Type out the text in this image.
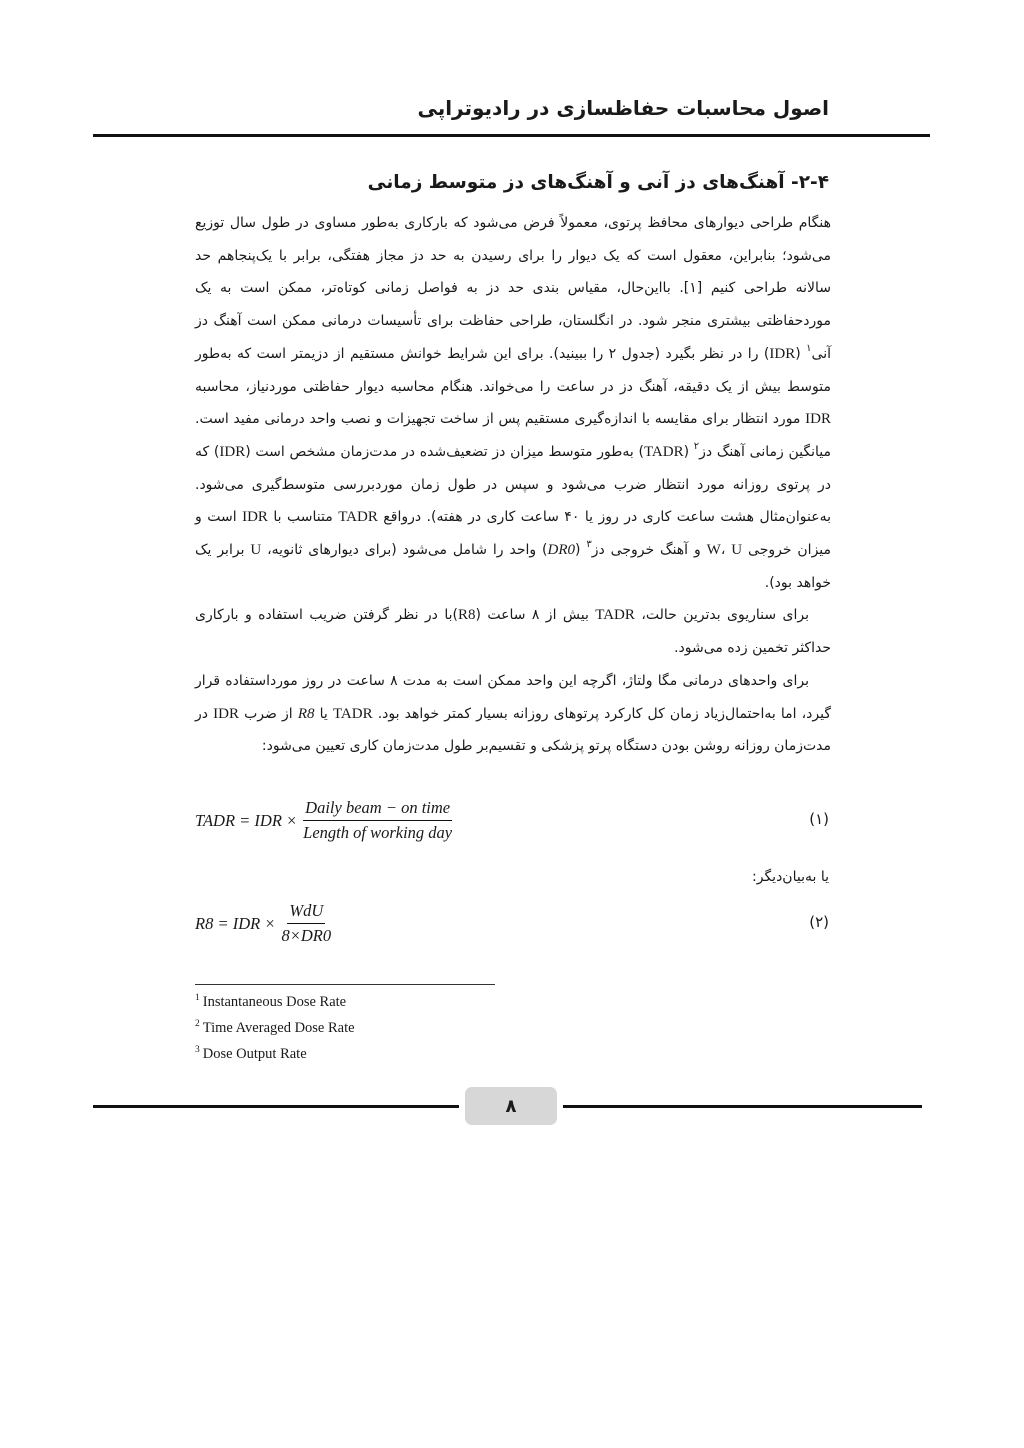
اصول محاسبات حفاظسازی در رادیوتراپی
۲-۴- آهنگ‌های دز آنی و آهنگ‌های دز متوسط زمانی

هنگام طراحی دیوارهای محافظ پرتوی، معمولاً فرض می‌شود که بارکاری به‌طور مساوی در طول سال توزیع می‌شود؛ بنابراین، معقول است که یک دیوار را برای رسیدن به حد دز مجاز هفتگی، برابر با یک‌پنجاهم حد سالانه طراحی کنیم [۱]. بااین‌حال، مقیاس بندی حد دز به فواصل زمانی کوتاه‌تر، ممکن است به یک موردحفاظتی بیشتری منجر شود. در انگلستان، طراحی حفاظت برای تأسیسات درمانی ممکن است آهنگ دز آنی$^۱$ (IDR) را در نظر بگیرد (جدول ۲ را ببینید). برای این شرایط خوانش مستقیم از دزیمتر است که به‌طور متوسط بیش از یک دقیقه، آهنگ دز در ساعت را می‌خواند. هنگام محاسبه دیوار حفاظتی موردنیاز، محاسبه IDR مورد انتظار برای مقایسه با اندازه‌گیری مستقیم پس از ساخت تجهیزات و نصب واحد درمانی مفید است. میانگین زمانی آهنگ دز$^۲$ (TADR) به‌طور متوسط میزان دز تضعیف‌شده در مدت‌زمان مشخص است (IDR) که در پرتوی روزانه مورد انتظار ضرب می‌شود و سپس در طول زمان موردبررسی متوسط‌گیری می‌شود. به‌عنوان‌مثال هشت ساعت کاری در روز یا ۴۰ ساعت کاری در هفته). درواقع TADR متناسب با IDR است و میزان خروجی W، U و آهنگ خروجی دز$^۳$ (DR0) واحد را شامل می‌شود (برای دیوارهای ثانویه، U برابر یک خواهد بود).

برای سناریوی بدترین حالت، TADR بیش از ۸ ساعت (R8)با در نظر گرفتن ضریب استفاده و بارکاری حداکثر تخمین زده می‌شود.

برای واحدهای درمانی مگا ولتاژ، اگرچه این واحد ممکن است به مدت ۸ ساعت در روز مورداستفاده قرار گیرد، اما به‌احتمال‌زیاد زمان کل کارکرد پرتوهای روزانه بسیار کمتر خواهد بود. TADR یا R8 از ضرب IDR در مدت‌زمان روزانه روشن بودن دستگاه پرتو پزشکی و تقسیم‌بر طول مدت‌زمان کاری تعیین می‌شود:

TADR = IDR × $\frac{\text{Daily beam − on time}}{\text{Length of working day}}$	(۱)
یا به‌بیان‌دیگر:
R8 = IDR × $\frac{\text{WdU}}{8\times DR0}$	(۲)
$^1$ Instantaneous Dose Rate
$^2$ Time Averaged Dose Rate
$^3$ Dose Output Rate
۸
